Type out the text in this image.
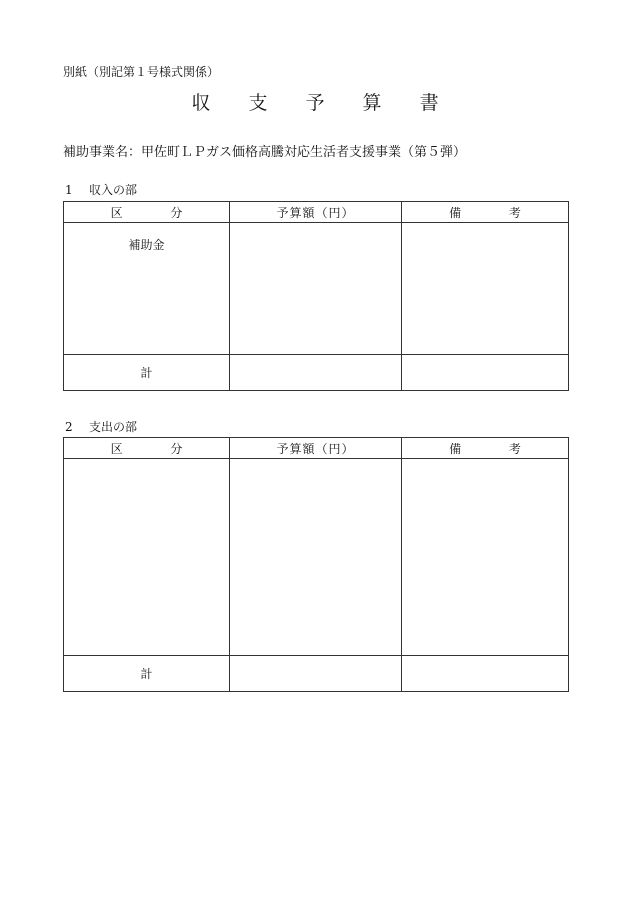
別紙（別記第１号様式関係）
収 支 予 算 書
補助事業名：甲佐町ＬＰガス価格高騰対応生活者支援事業（第５弾）
1 収入の部
区 分	予算額（円）	備 考
補助金		
計		
2 支出の部
区 分	予算額（円）	備 考

計		
